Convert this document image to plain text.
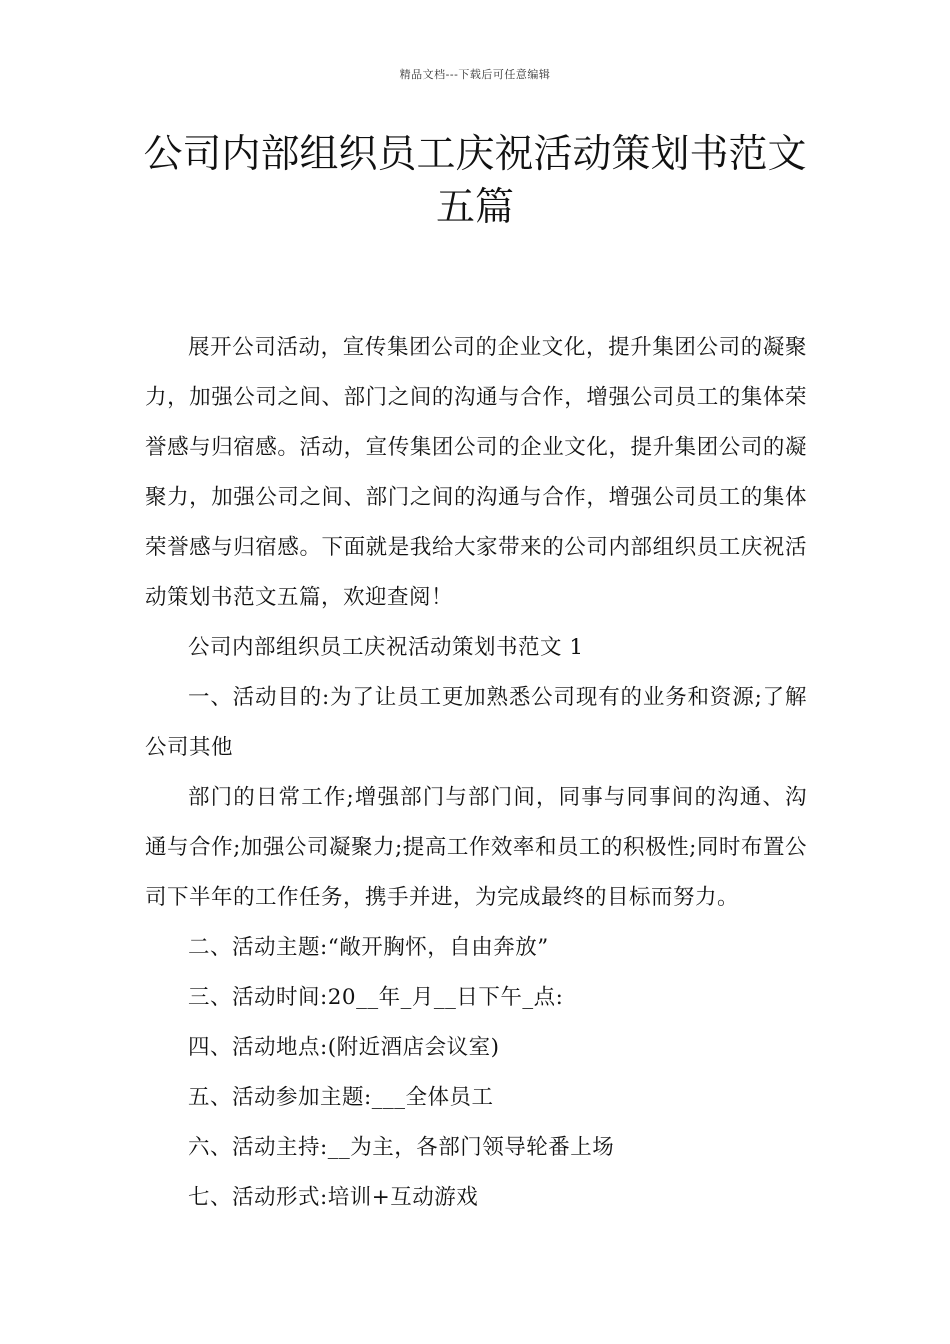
精品文档---下载后可任意编辑
公司内部组织员工庆祝活动策划书范文五篇

展开公司活动，宣传集团公司的企业文化，提升集团公司的凝聚力，加强公司之间、部门之间的沟通与合作，增强公司员工的集体荣誉感与归宿感。活动，宣传集团公司的企业文化，提升集团公司的凝聚力，加强公司之间、部门之间的沟通与合作，增强公司员工的集体荣誉感与归宿感。下面就是我给大家带来的公司内部组织员工庆祝活动策划书范文五篇，欢迎查阅！

公司内部组织员工庆祝活动策划书范文 1

一、活动目的:为了让员工更加熟悉公司现有的业务和资源;了解公司其他

部门的日常工作;增强部门与部门间，同事与同事间的沟通、沟通与合作;加强公司凝聚力;提高工作效率和员工的积极性;同时布置公司下半年的工作任务，携手并进，为完成最终的目标而努力。

二、活动主题:“敞开胸怀，自由奔放”

三、活动时间:20__年_月__日下午_点:

四、活动地点:(附近酒店会议室)

五、活动参加主题:___全体员工

六、活动主持:__为主，各部门领导轮番上场

七、活动形式:培训+互动游戏
